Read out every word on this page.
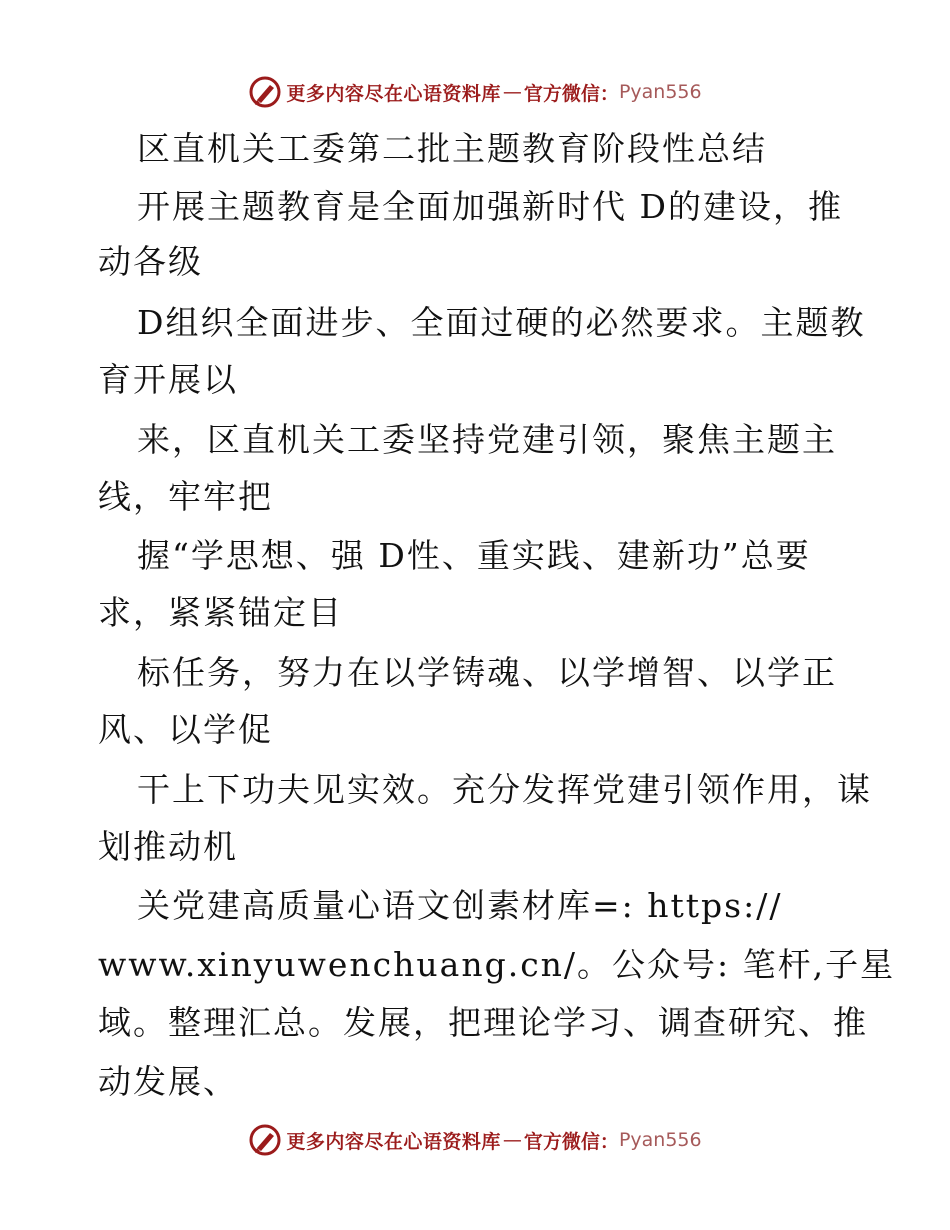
更多内容尽在心语资料库 — 官方微信： Pyan556
区直机关工委第二批主题教育阶段性总结
开展主题教育是全面加强新时代 D的建设，推
动各级
D组织全面进步、全面过硬的必然要求。主题教
育开展以
来，区直机关工委坚持党建引领，聚焦主题主
线，牢牢把
握“学思想、强 D性、重实践、建新功”总要
求，紧紧锚定目
标任务，努力在以学铸魂、以学增智、以学正
风、以学促
干上下功夫见实效。充分发挥党建引领作用，谋
划推动机
关党建高质量心语文创素材库=: https://
www.xinyuwenchuang.cn/。公众号: 笔杆,子星
域。整理汇总。发展，把理论学习、调查研究、推
动发展、
更多内容尽在心语资料库 — 官方微信： Pyan556
